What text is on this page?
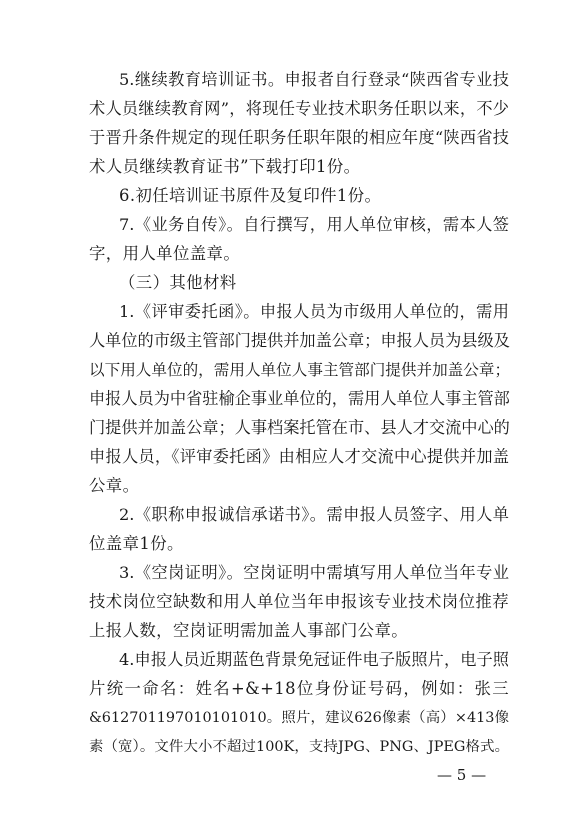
5.继续教育培训证书。申报者自行登录“陕西省专业技
术人员继续教育网”，将现任专业技术职务任职以来，不少
于晋升条件规定的现任职务任职年限的相应年度“陕西省技
术人员继续教育证书”下载打印1份。
6.初任培训证书原件及复印件1份。
7.《业务自传》。自行撰写，用人单位审核，需本人签
字，用人单位盖章。
（三）其他材料
1.《评审委托函》。申报人员为市级用人单位的，需用
人单位的市级主管部门提供并加盖公章；申报人员为县级及
以下用人单位的，需用人单位人事主管部门提供并加盖公章；
申报人员为中省驻榆企事业单位的，需用人单位人事主管部
门提供并加盖公章；人事档案托管在市、县人才交流中心的
申报人员，《评审委托函》由相应人才交流中心提供并加盖
公章。
2.《职称申报诚信承诺书》。需申报人员签字、用人单
位盖章1份。
3.《空岗证明》。空岗证明中需填写用人单位当年专业
技术岗位空缺数和用人单位当年申报该专业技术岗位推荐
上报人数，空岗证明需加盖人事部门公章。
4.申报人员近期蓝色背景免冠证件电子版照片，电子照
片统一命名：姓名+&+18位身份证号码，例如：张三
&612701197010101010。照片，建议626像素（高）×413像
素（宽）。文件大小不超过100K，支持JPG、PNG、JPEG格式。
— 5 —
